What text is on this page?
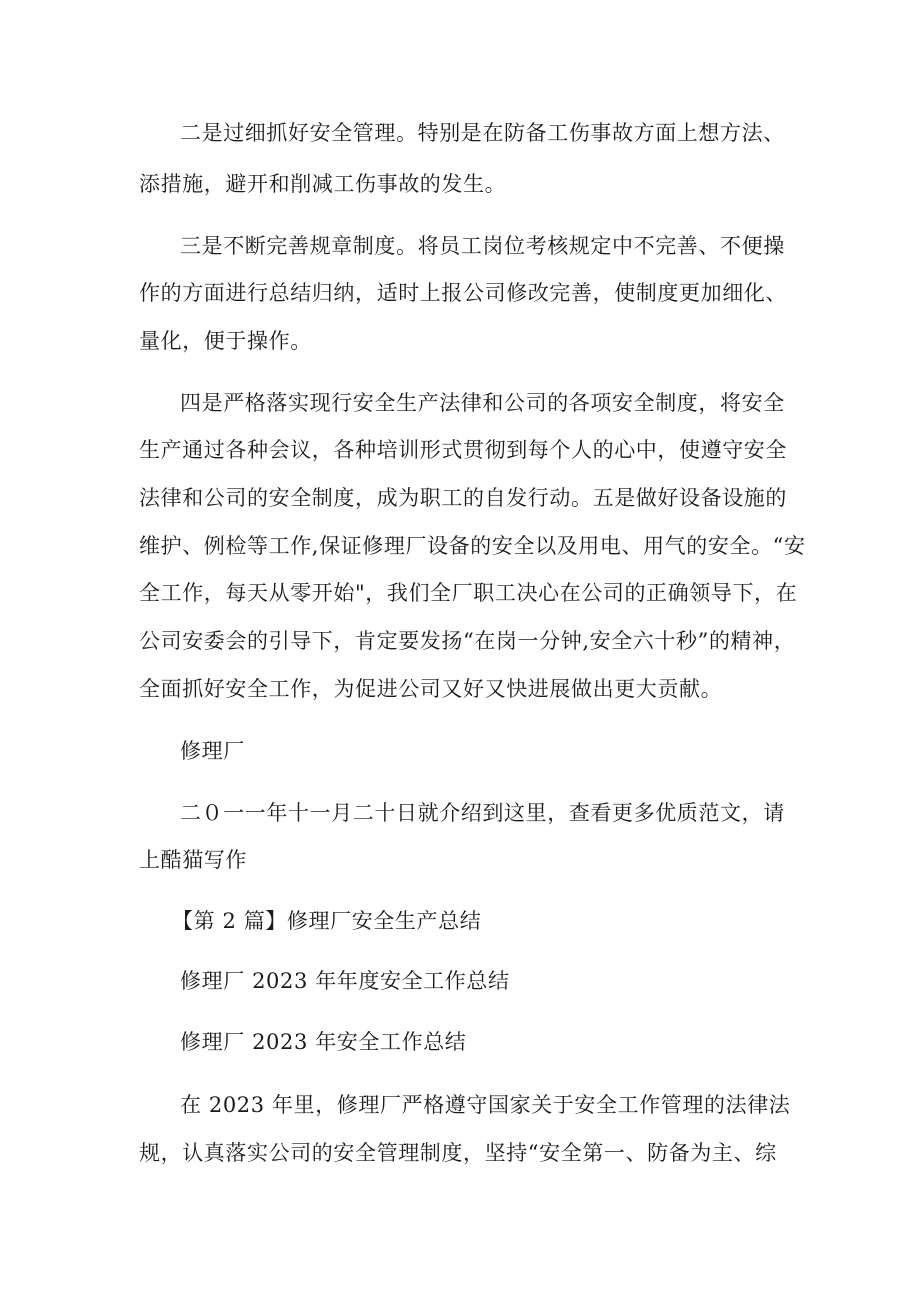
二是过细抓好安全管理。特别是在防备工伤事故方面上想方法、
添措施，避开和削减工伤事故的发生。
三是不断完善规章制度。将员工岗位考核规定中不完善、不便操
作的方面进行总结归纳，适时上报公司修改完善，使制度更加细化、
量化，便于操作。
四是严格落实现行安全生产法律和公司的各项安全制度，将安全
生产通过各种会议，各种培训形式贯彻到每个人的心中，使遵守安全
法律和公司的安全制度，成为职工的自发行动。五是做好设备设施的
维护、例检等工作,保证修理厂设备的安全以及用电、用气的安全。“安
全工作，每天从零开始"，我们全厂职工决心在公司的正确领导下，在
公司安委会的引导下，肯定要发扬“在岗一分钟,安全六十秒”的精神，
全面抓好安全工作，为促进公司又好又快进展做出更大贡献。
修理厂
二０一一年十一月二十日就介绍到这里，查看更多优质范文，请
上酷猫写作
【第 2 篇】修理厂安全生产总结
修理厂 2023 年年度安全工作总结
修理厂 2023 年安全工作总结
在 2023 年里，修理厂严格遵守国家关于安全工作管理的法律法
规，认真落实公司的安全管理制度，坚持“安全第一、防备为主、综
